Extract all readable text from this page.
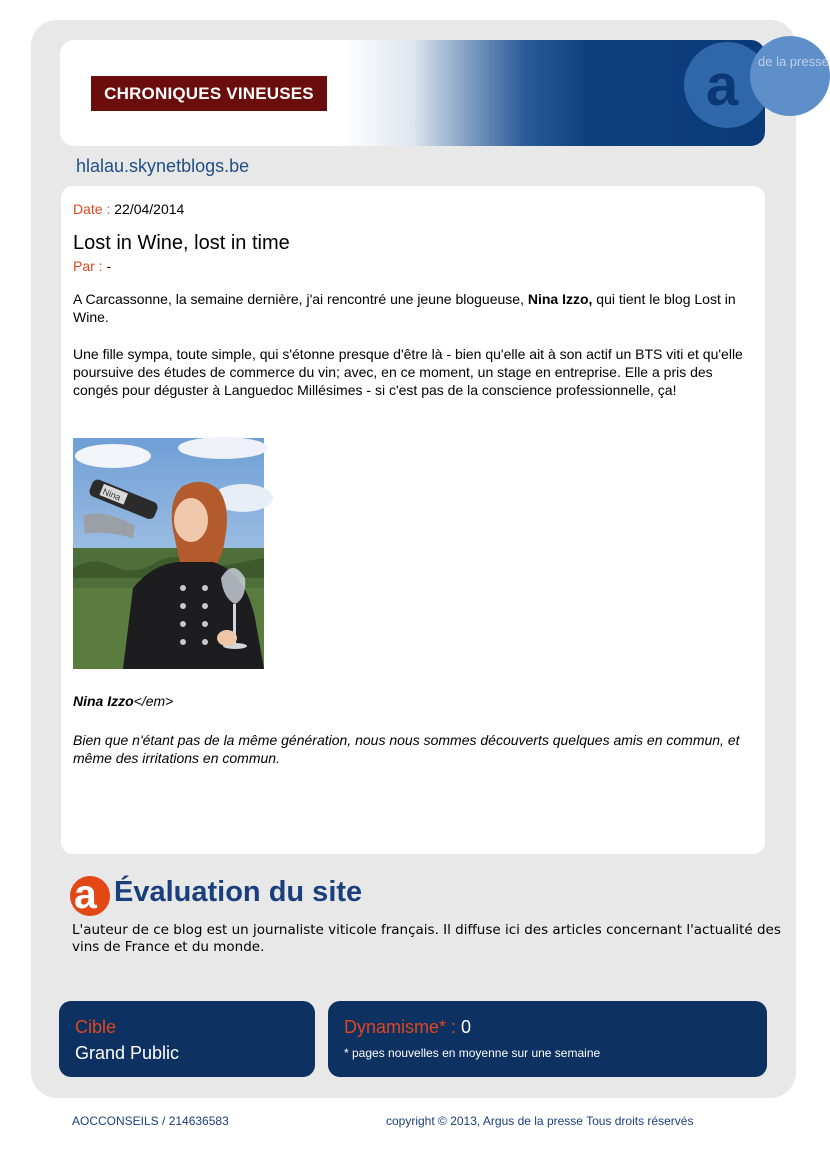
a de la presse
CHRONIQUES VINEUSES
hlalau.skynetblogs.be
Date : 22/04/2014
Lost in Wine, lost in time
Par : -

A Carcassonne, la semaine dernière, j'ai rencontré une jeune blogueuse, Nina Izzo, qui tient le blog Lost in Wine.

Une fille sympa, toute simple, qui s'étonne presque d'être là - bien qu'elle ait à son actif un BTS viti et qu'elle poursuive des études de commerce du vin; avec, en ce moment, un stage en entreprise. Elle a pris des congés pour déguster à Languedoc Millésimes - si c'est pas de la conscience professionnelle, ça!

Nina
Nina Izzo</em>

Bien que n'étant pas de la même génération, nous nous sommes découverts quelques amis en commun, et même des irritations en commun.

a Évaluation du site
L'auteur de ce blog est un journaliste viticole français. Il diffuse ici des articles concernant l'actualité des vins de France et du monde.
Cible
Grand Public
Dynamisme* : 0
* pages nouvelles en moyenne sur une semaine
AOCCONSEILS / 214636583	copyright © 2013, Argus de la presse Tous droits réservés
